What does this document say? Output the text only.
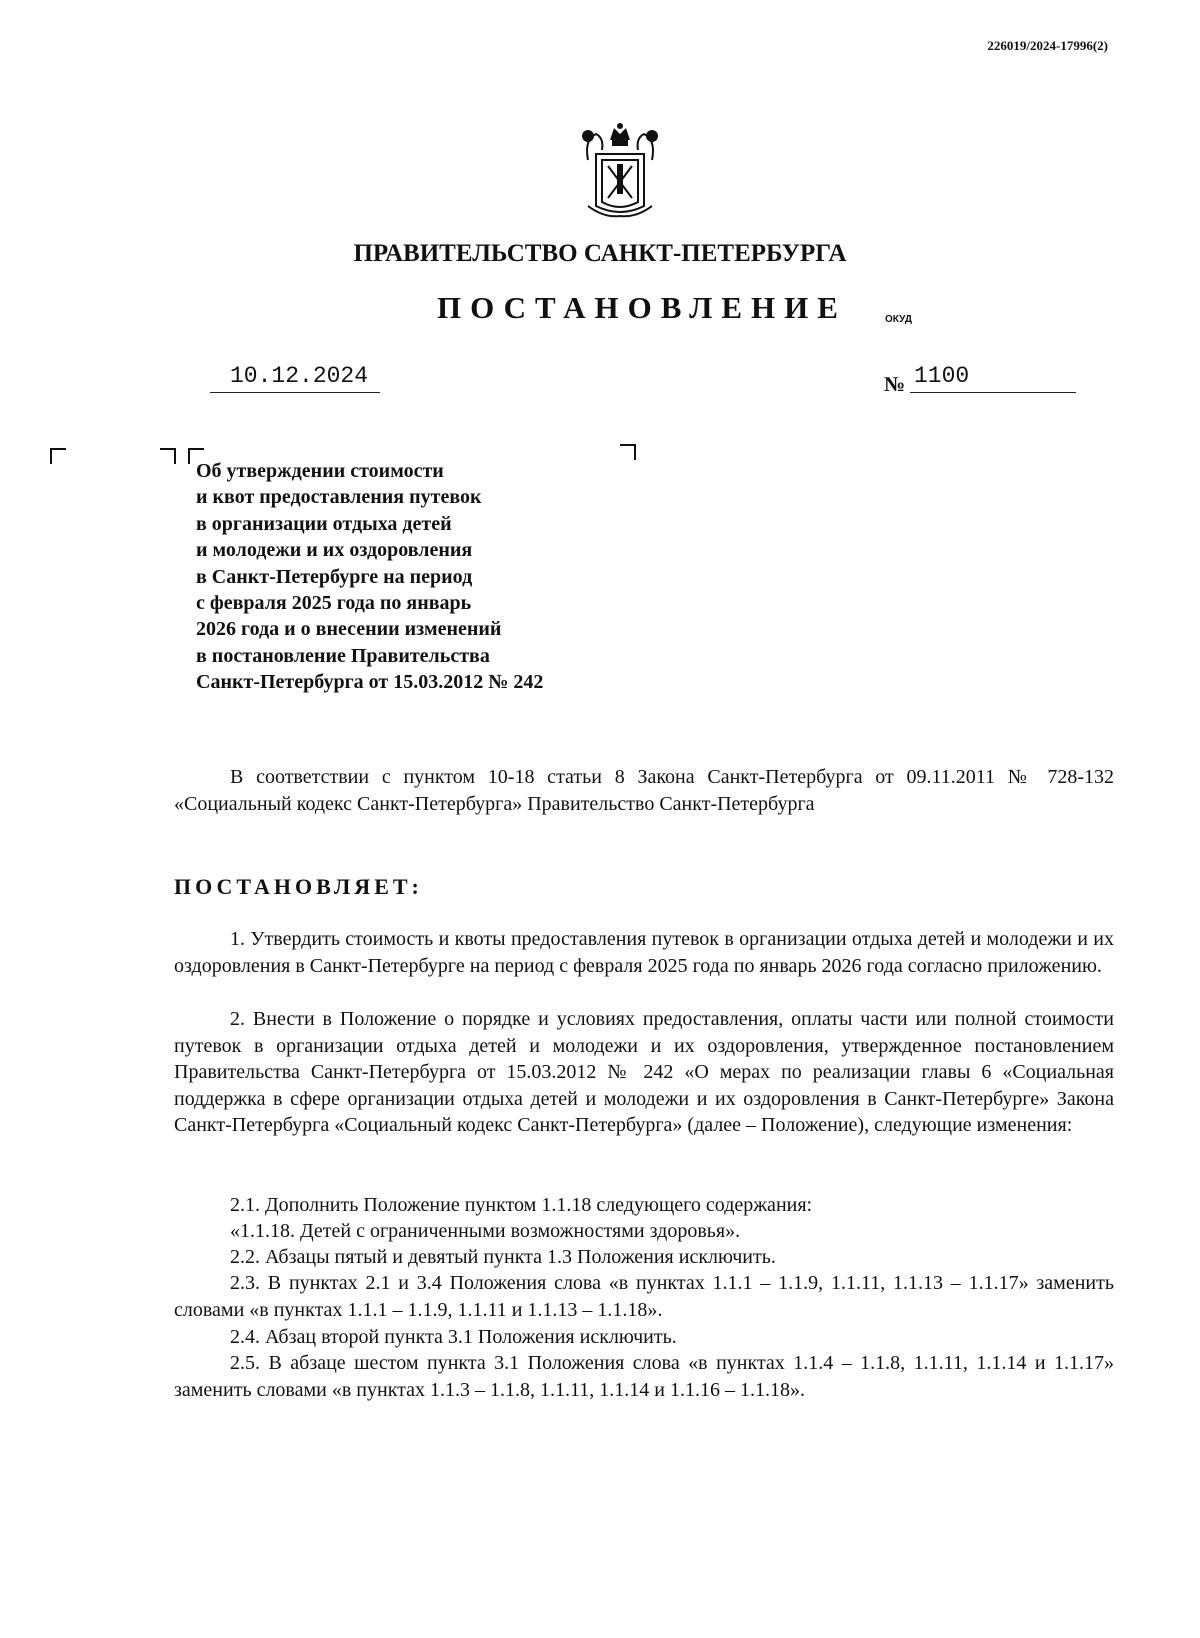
226019/2024-17996(2)
ПРАВИТЕЛЬСТВО САНКТ-ПЕТЕРБУРГА
ПОСТАНОВЛЕНИЕ	ОКУД
10.12.2024	№ 1100
Об утверждении стоимости
и квот предоставления путевок
в организации отдыха детей
и молодежи и их оздоровления
в Санкт-Петербурге на период
с февраля 2025 года по январь
2026 года и о внесении изменений
в постановление Правительства
Санкт-Петербурга от 15.03.2012 № 242
В соответствии с пунктом 10-18 статьи 8 Закона Санкт-Петербурга от 09.11.2011 № 728-132 «Социальный кодекс Санкт-Петербурга» Правительство Санкт-Петербурга
ПОСТАНОВЛЯЕТ:
1. Утвердить стоимость и квоты предоставления путевок в организации отдыха детей и молодежи и их оздоровления в Санкт-Петербурге на период с февраля 2025 года по январь 2026 года согласно приложению.
2. Внести в Положение о порядке и условиях предоставления, оплаты части или полной стоимости путевок в организации отдыха детей и молодежи и их оздоровления, утвержденное постановлением Правительства Санкт-Петербурга от 15.03.2012 № 242 «О мерах по реализации главы 6 «Социальная поддержка в сфере организации отдыха детей и молодежи и их оздоровления в Санкт-Петербурге» Закона Санкт-Петербурга «Социальный кодекс Санкт-Петербурга» (далее – Положение), следующие изменения:
2.1. Дополнить Положение пунктом 1.1.18 следующего содержания:
«1.1.18. Детей с ограниченными возможностями здоровья».
2.2. Абзацы пятый и девятый пункта 1.3 Положения исключить.
2.3. В пунктах 2.1 и 3.4 Положения слова «в пунктах 1.1.1 – 1.1.9, 1.1.11, 1.1.13 – 1.1.17» заменить словами «в пунктах 1.1.1 – 1.1.9, 1.1.11 и 1.1.13 – 1.1.18».
2.4. Абзац второй пункта 3.1 Положения исключить.
2.5. В абзаце шестом пункта 3.1 Положения слова «в пунктах 1.1.4 – 1.1.8, 1.1.11, 1.1.14 и 1.1.17» заменить словами «в пунктах 1.1.3 – 1.1.8, 1.1.11, 1.1.14 и 1.1.16 – 1.1.18».
